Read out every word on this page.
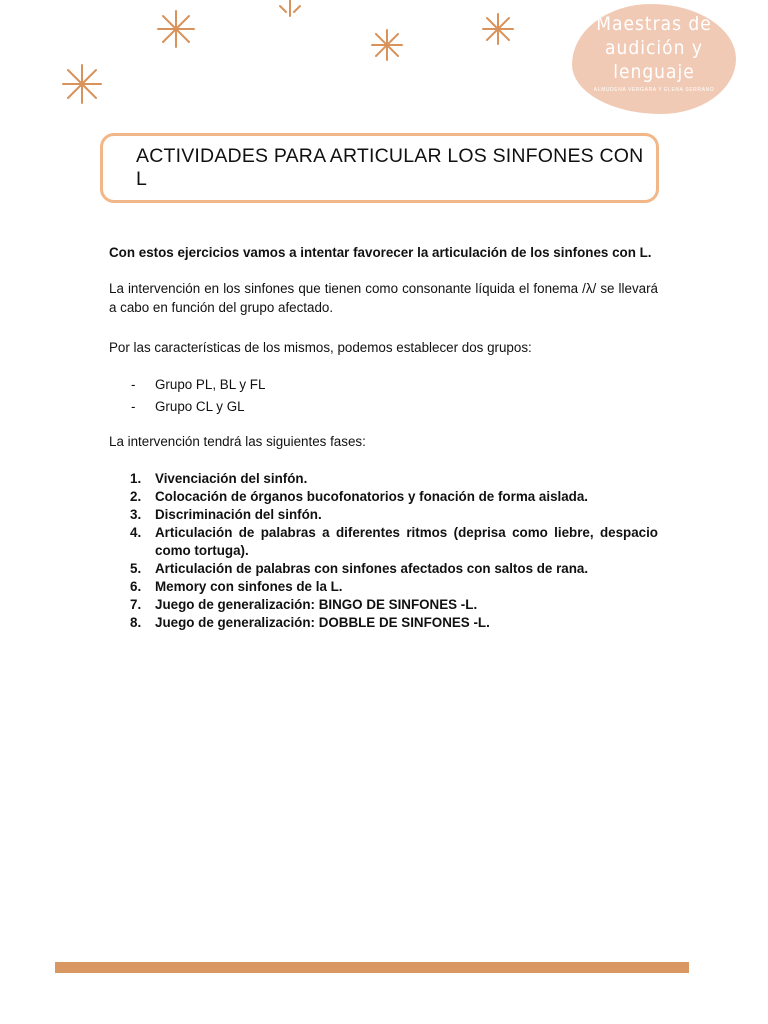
Maestras de
audición y
lenguaje
ALMUDENA VERGARA Y ELENA SERRANO
ACTIVIDADES PARA ARTICULAR LOS SINFONES CON L

Con estos ejercicios vamos a intentar favorecer la articulación de los sinfones con L.

La intervención en los sinfones que tienen como consonante líquida el fonema /λ/ se llevará a cabo en función del grupo afectado.

Por las características de los mismos, podemos establecer dos grupos:

- Grupo PL, BL y FL
- Grupo CL y GL

La intervención tendrá las siguientes fases:

1. Vivenciación del sinfón.
2. Colocación de órganos bucofonatorios y fonación de forma aislada.
3. Discriminación del sinfón.
4. Articulación de palabras a diferentes ritmos (deprisa como liebre, despacio como tortuga).
5. Articulación de palabras con sinfones afectados con saltos de rana.
6. Memory con sinfones de la L.
7. Juego de generalización: BINGO DE SINFONES -L.
8. Juego de generalización: DOBBLE DE SINFONES -L.
